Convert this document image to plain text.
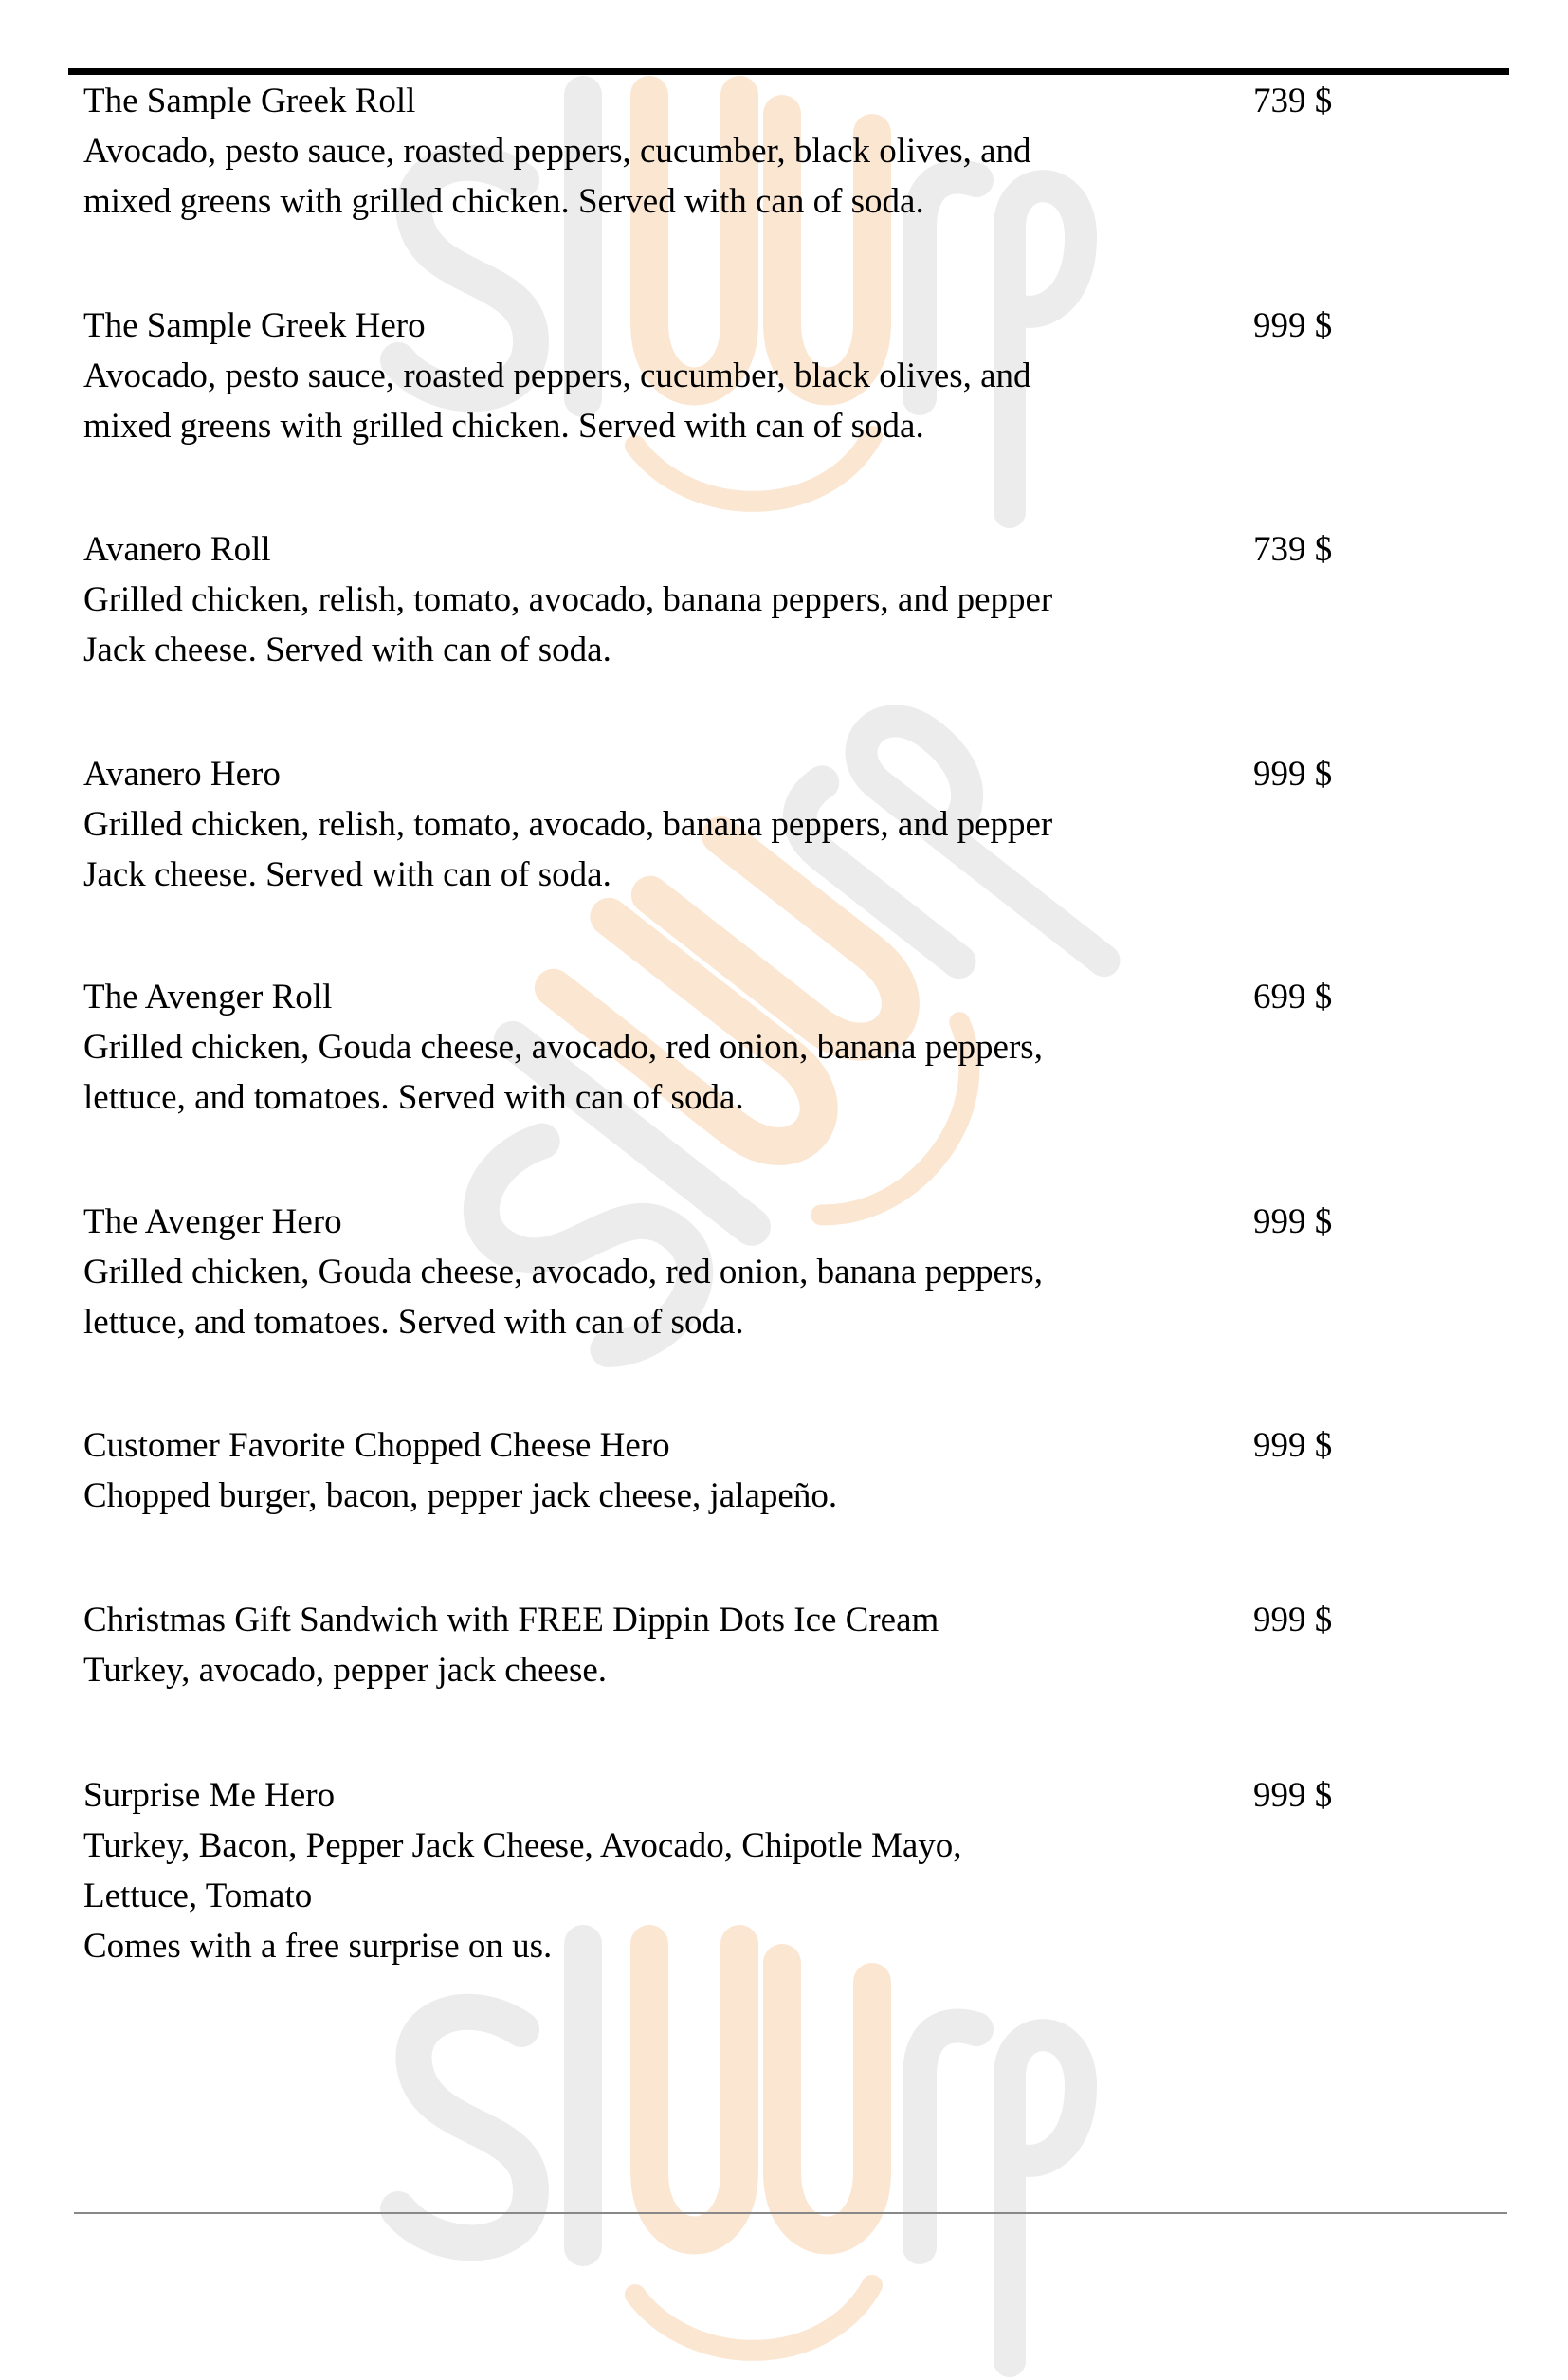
The Sample Greek Roll
Avocado, pesto sauce, roasted peppers, cucumber, black olives, and
mixed greens with grilled chicken. Served with can of soda.
739 $
The Sample Greek Hero
Avocado, pesto sauce, roasted peppers, cucumber, black olives, and
mixed greens with grilled chicken. Served with can of soda.
999 $
Avanero Roll
Grilled chicken, relish, tomato, avocado, banana peppers, and pepper
Jack cheese. Served with can of soda.
739 $
Avanero Hero
Grilled chicken, relish, tomato, avocado, banana peppers, and pepper
Jack cheese. Served with can of soda.
999 $
The Avenger Roll
Grilled chicken, Gouda cheese, avocado, red onion, banana peppers,
lettuce, and tomatoes. Served with can of soda.
699 $
The Avenger Hero
Grilled chicken, Gouda cheese, avocado, red onion, banana peppers,
lettuce, and tomatoes. Served with can of soda.
999 $
Customer Favorite Chopped Cheese Hero
Chopped burger, bacon, pepper jack cheese, jalapeño.
999 $
Christmas Gift Sandwich with FREE Dippin Dots Ice Cream
Turkey, avocado, pepper jack cheese.
999 $
Surprise Me Hero
Turkey, Bacon, Pepper Jack Cheese, Avocado, Chipotle Mayo,
Lettuce, Tomato
Comes with a free surprise on us.
999 $
